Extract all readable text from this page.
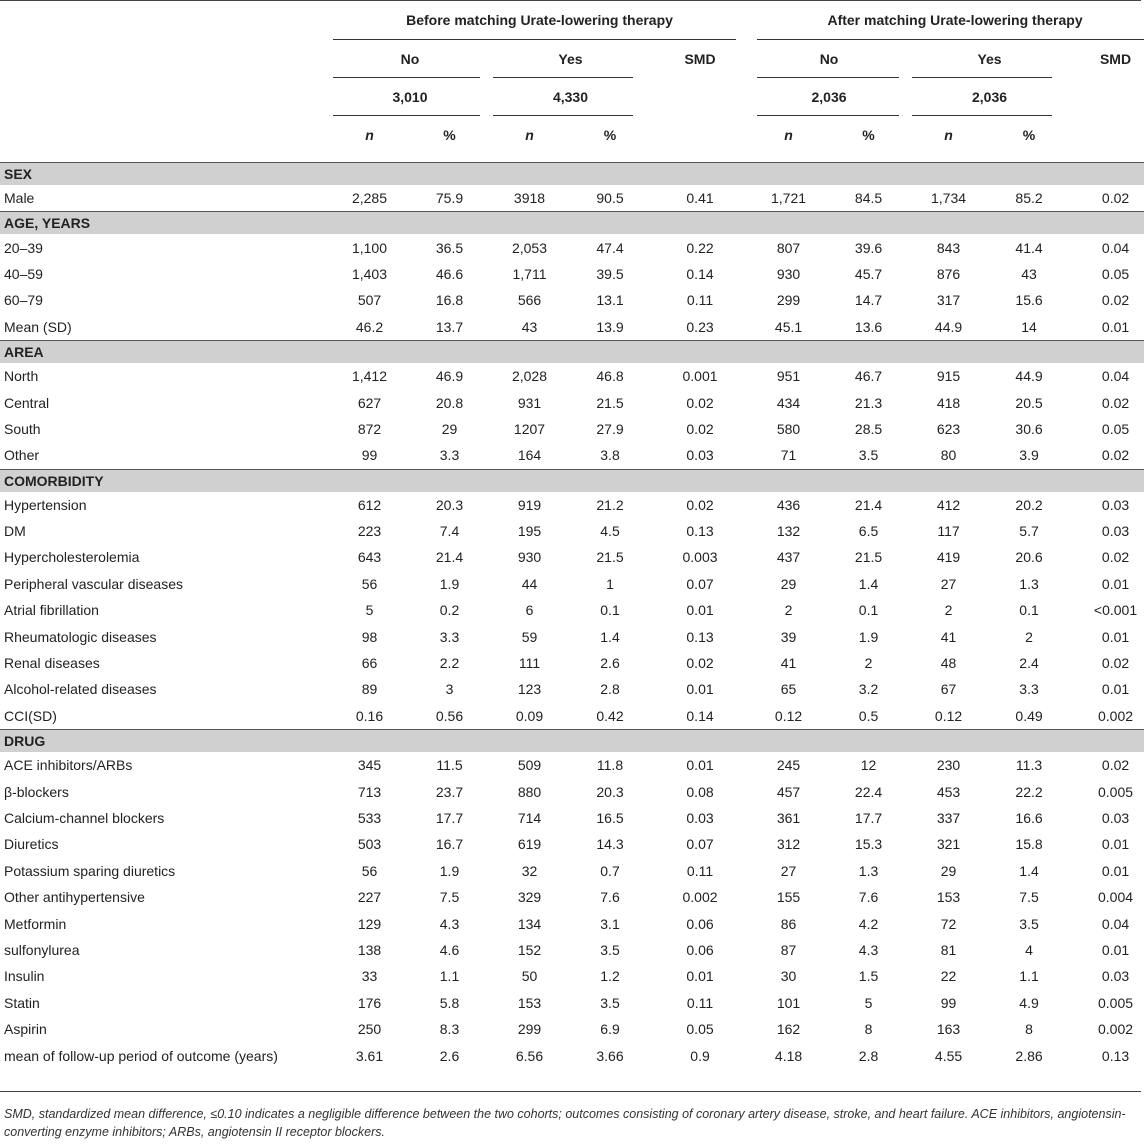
	Before matching Urate-lowering therapy					After matching Urate-lowering therapy				

	No		Yes		SMD	No		Yes		SMD
	3,010		4,330			2,036		2,036	

	n	%	n	%		n	%	n	%	

SEX										
Male	2,285	75.9	3918	90.5	0.41	1,721	84.5	1,734	85.2	0.02
AGE, YEARS										
20–39	1,100	36.5	2,053	47.4	0.22	807	39.6	843	41.4	0.04
40–59	1,403	46.6	1,711	39.5	0.14	930	45.7	876	43	0.05
60–79	507	16.8	566	13.1	0.11	299	14.7	317	15.6	0.02
Mean (SD)	46.2	13.7	43	13.9	0.23	45.1	13.6	44.9	14	0.01
AREA										
North	1,412	46.9	2,028	46.8	0.001	951	46.7	915	44.9	0.04
Central	627	20.8	931	21.5	0.02	434	21.3	418	20.5	0.02
South	872	29	1207	27.9	0.02	580	28.5	623	30.6	0.05
Other	99	3.3	164	3.8	0.03	71	3.5	80	3.9	0.02
COMORBIDITY										
Hypertension	612	20.3	919	21.2	0.02	436	21.4	412	20.2	0.03
DM	223	7.4	195	4.5	0.13	132	6.5	117	5.7	0.03
Hypercholesterolemia	643	21.4	930	21.5	0.003	437	21.5	419	20.6	0.02
Peripheral vascular diseases	56	1.9	44	1	0.07	29	1.4	27	1.3	0.01
Atrial fibrillation	5	0.2	6	0.1	0.01	2	0.1	2	0.1	<0.001
Rheumatologic diseases	98	3.3	59	1.4	0.13	39	1.9	41	2	0.01
Renal diseases	66	2.2	111	2.6	0.02	41	2	48	2.4	0.02
Alcohol-related diseases	89	3	123	2.8	0.01	65	3.2	67	3.3	0.01
CCI(SD)	0.16	0.56	0.09	0.42	0.14	0.12	0.5	0.12	0.49	0.002
DRUG										
ACE inhibitors/ARBs	345	11.5	509	11.8	0.01	245	12	230	11.3	0.02
β-blockers	713	23.7	880	20.3	0.08	457	22.4	453	22.2	0.005
Calcium-channel blockers	533	17.7	714	16.5	0.03	361	17.7	337	16.6	0.03
Diuretics	503	16.7	619	14.3	0.07	312	15.3	321	15.8	0.01
Potassium sparing diuretics	56	1.9	32	0.7	0.11	27	1.3	29	1.4	0.01
Other antihypertensive	227	7.5	329	7.6	0.002	155	7.6	153	7.5	0.004
Metformin	129	4.3	134	3.1	0.06	86	4.2	72	3.5	0.04
sulfonylurea	138	4.6	152	3.5	0.06	87	4.3	81	4	0.01
Insulin	33	1.1	50	1.2	0.01	30	1.5	22	1.1	0.03
Statin	176	5.8	153	3.5	0.11	101	5	99	4.9	0.005
Aspirin	250	8.3	299	6.9	0.05	162	8	163	8	0.002
mean of follow-up period of outcome (years)	3.61	2.6	6.56	3.66	0.9	4.18	2.8	4.55	2.86	0.13
SMD, standardized mean difference, ≤0.10 indicates a negligible difference between the two cohorts; outcomes consisting of coronary artery disease, stroke, and heart failure. ACE inhibitors, angiotensin-converting enzyme inhibitors; ARBs, angiotensin II receptor blockers.
